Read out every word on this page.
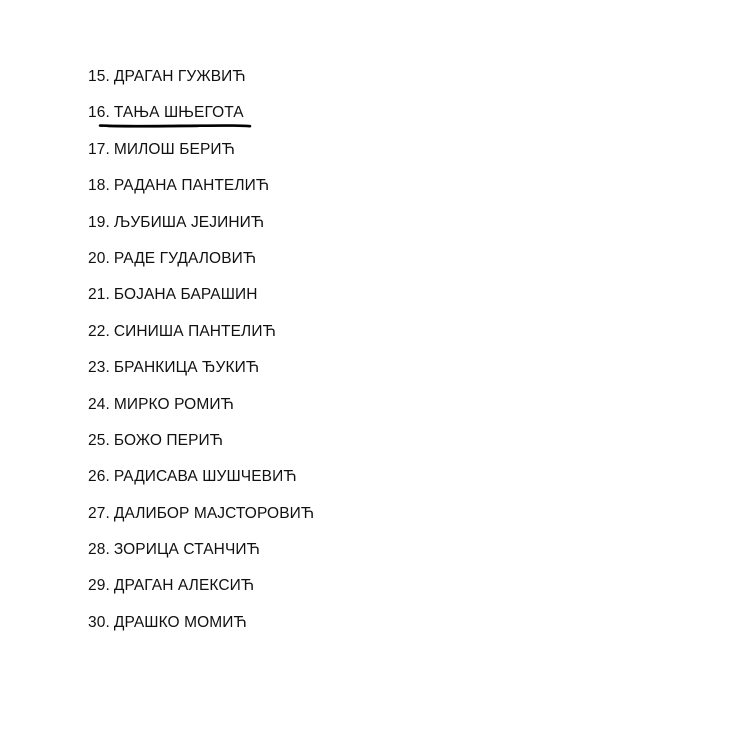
15. ДРАГАН ГУЖВИЋ
16. ТАЊА ШЊЕГОТА
17. МИЛОШ БЕРИЋ
18. РАДАНА ПАНТЕЛИЋ
19. ЉУБИША ЈЕЈИНИЋ
20. РАДЕ ГУДАЛОВИЋ
21. БОЈАНА БАРАШИН
22. СИНИША ПАНТЕЛИЋ
23. БРАНКИЦА ЂУКИЋ
24. МИРКО РОМИЋ
25. БОЖО ПЕРИЋ
26. РАДИСАВА ШУШЧЕВИЋ
27. ДАЛИБОР МАЈСТОРОВИЋ
28. ЗОРИЦА СТАНЧИЋ
29. ДРАГАН АЛЕКСИЋ
30. ДРАШКО МОМИЋ
